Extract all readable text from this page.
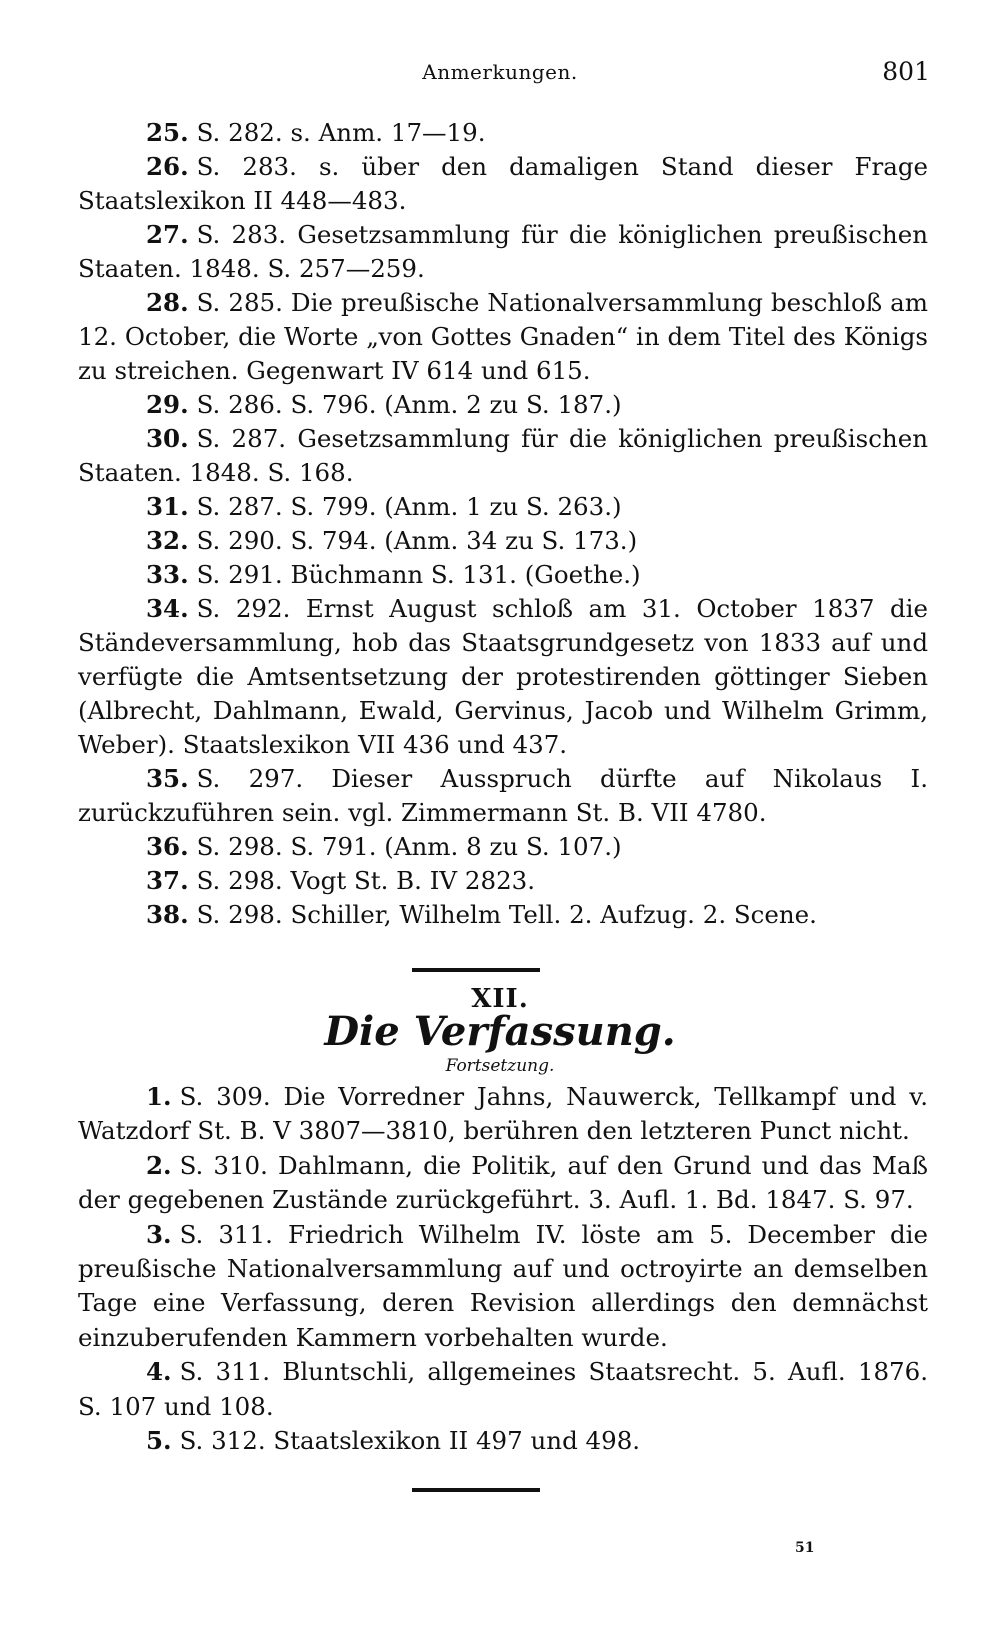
Anmerkungen.	801

25. S. 282. s. Anm. 17—19.

26. S. 283. s. über den damaligen Stand dieser Frage Staatslexikon II 448—483.

27. S. 283. Gesetzsammlung für die königlichen preußischen Staaten. 1848. S. 257—259.

28. S. 285. Die preußische Nationalversammlung beschloß am 12. October, die Worte „von Gottes Gnaden“ in dem Titel des Königs zu streichen. Gegenwart IV 614 und 615.

29. S. 286. S. 796. (Anm. 2 zu S. 187.)

30. S. 287. Gesetzsammlung für die königlichen preußischen Staaten. 1848. S. 168.

31. S. 287. S. 799. (Anm. 1 zu S. 263.)

32. S. 290. S. 794. (Anm. 34 zu S. 173.)

33. S. 291. Büchmann S. 131. (Goethe.)

34. S. 292. Ernst August schloß am 31. October 1837 die Ständeversammlung, hob das Staatsgrundgesetz von 1833 auf und verfügte die Amtsentsetzung der protestirenden göttinger Sieben (Albrecht, Dahlmann, Ewald, Gervinus, Jacob und Wilhelm Grimm, Weber). Staatslexikon VII 436 und 437.

35. S. 297. Dieser Ausspruch dürfte auf Nikolaus I. zurückzuführen sein. vgl. Zimmermann St. B. VII 4780.

36. S. 298. S. 791. (Anm. 8 zu S. 107.)

37. S. 298. Vogt St. B. IV 2823.

38. S. 298. Schiller, Wilhelm Tell. 2. Aufzug. 2. Scene.

XII.
Die Verfassung.
Fortsetzung.

1. S. 309. Die Vorredner Jahns, Nauwerck, Tellkampf und v. Watzdorf St. B. V 3807—3810, berühren den letzteren Punct nicht.

2. S. 310. Dahlmann, die Politik, auf den Grund und das Maß der gegebenen Zustände zurückgeführt. 3. Aufl. 1. Bd. 1847. S. 97.

3. S. 311. Friedrich Wilhelm IV. löste am 5. December die preußische Nationalversammlung auf und octroyirte an demselben Tage eine Verfassung, deren Revision allerdings den demnächst einzuberufenden Kammern vorbehalten wurde.

4. S. 311. Bluntschli, allgemeines Staatsrecht. 5. Aufl. 1876. S. 107 und 108.

5. S. 312. Staatslexikon II 497 und 498.

51
